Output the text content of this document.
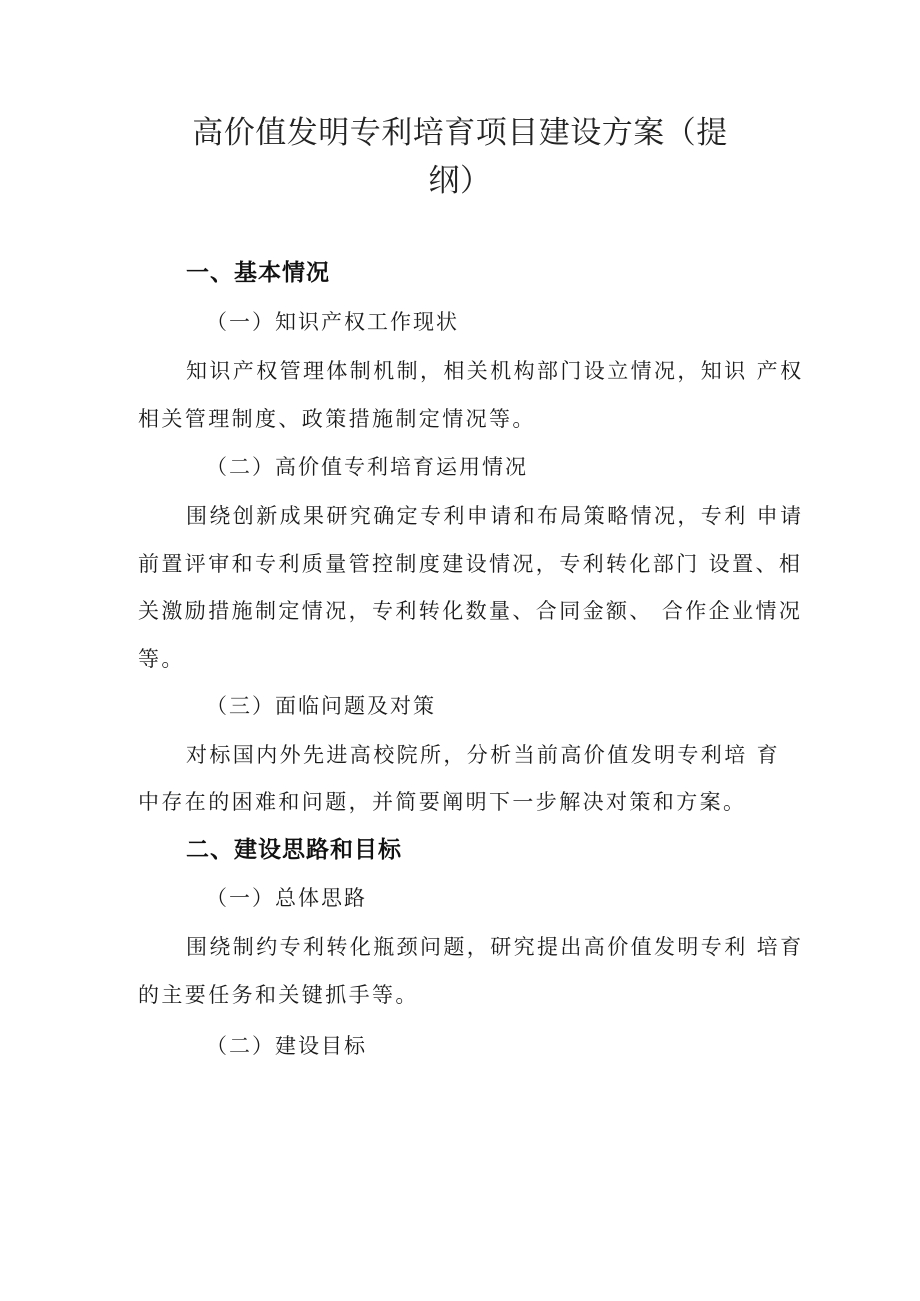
高价值发明专利培育项目建设方案（提
纲）
一、基本情况
（一）知识产权工作现状
知识产权管理体制机制，相关机构部门设立情况，知识 产权
相关管理制度、政策措施制定情况等。
（二）高价值专利培育运用情况
围绕创新成果研究确定专利申请和布局策略情况，专利 申请
前置评审和专利质量管控制度建设情况，专利转化部门 设置、相
关激励措施制定情况，专利转化数量、合同金额、 合作企业情况
等。
（三）面临问题及对策
对标国内外先进高校院所，分析当前高价值发明专利培 育
中存在的困难和问题，并简要阐明下一步解决对策和方案。
二、建设思路和目标
（一）总体思路
围绕制约专利转化瓶颈问题，研究提出高价值发明专利 培育
的主要任务和关键抓手等。
（二）建设目标
